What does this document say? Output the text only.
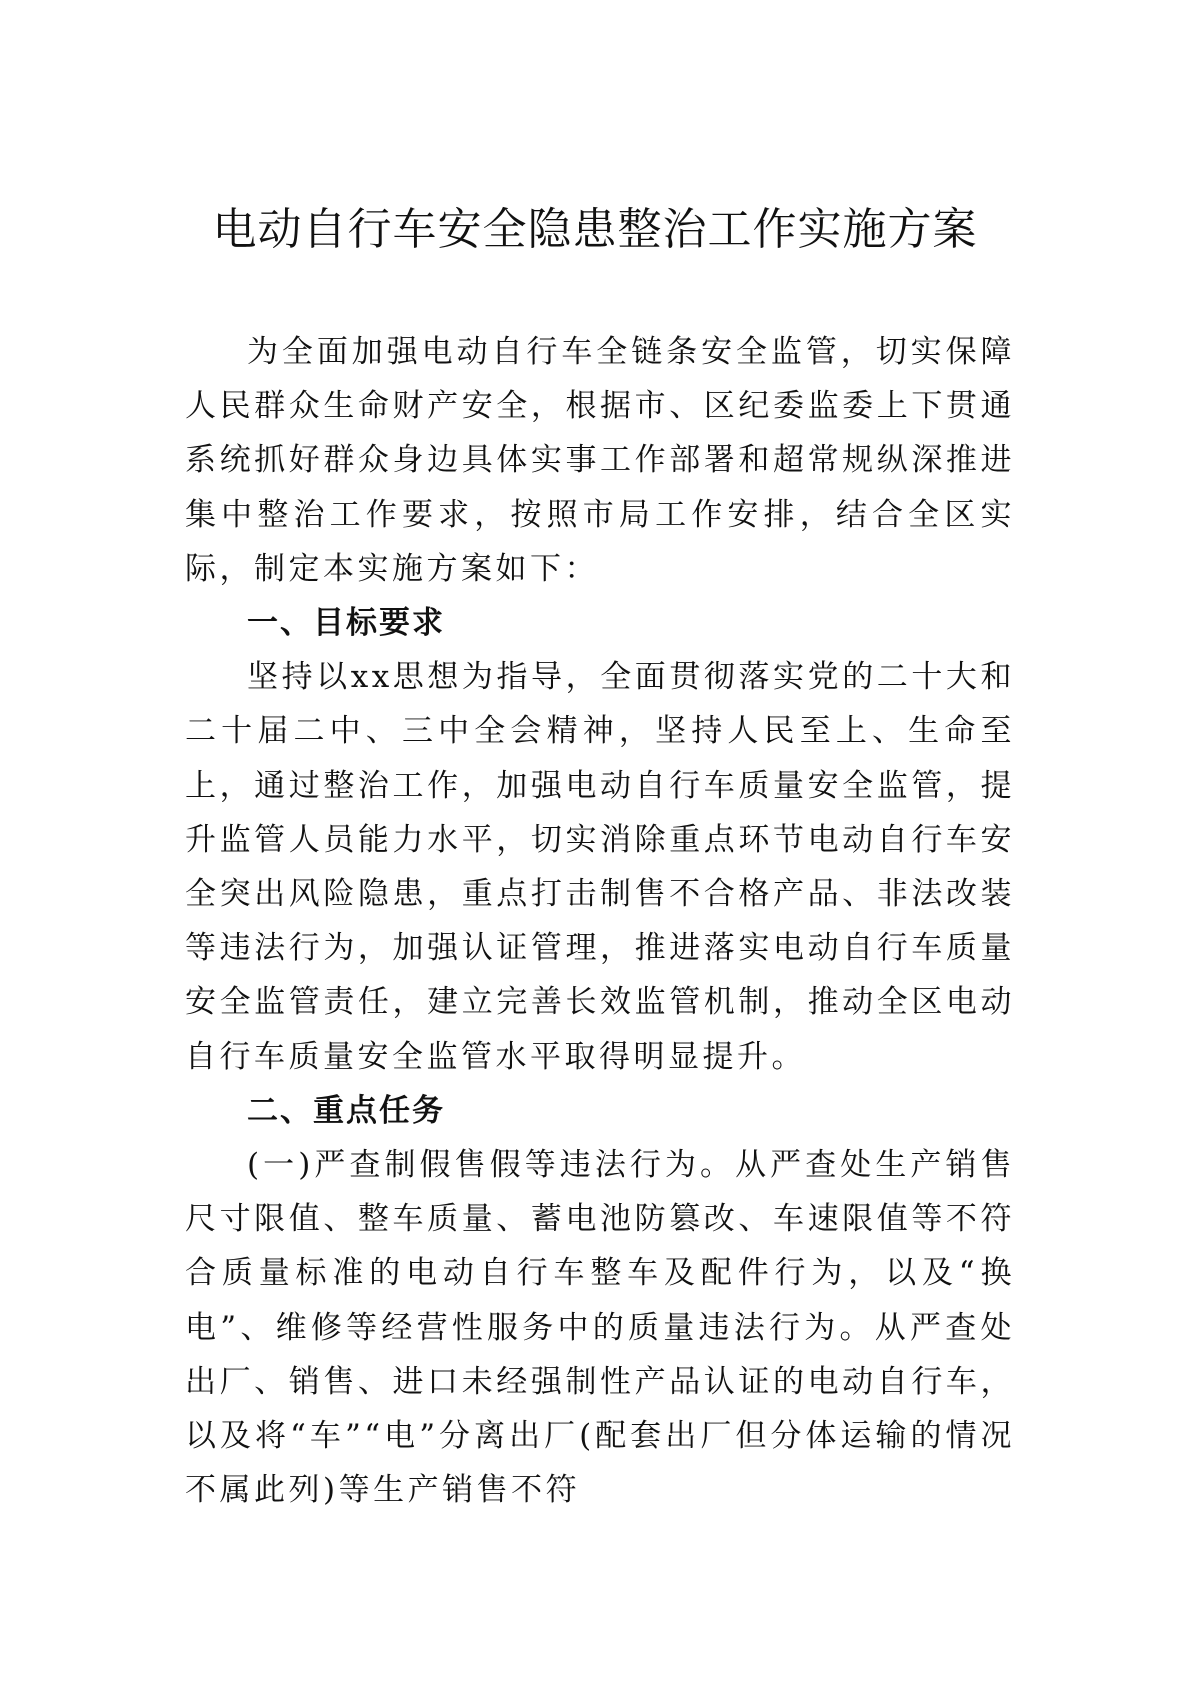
电动自行车安全隐患整治工作实施方案

为全面加强电动自行车全链条安全监管，切实保障人民群众生命财产安全，根据市、区纪委监委上下贯通系统抓好群众身边具体实事工作部署和超常规纵深推进集中整治工作要求，按照市局工作安排，结合全区实际，制定本实施方案如下：

一、目标要求

坚持以xx思想为指导，全面贯彻落实党的二十大和二十届二中、三中全会精神，坚持人民至上、生命至上，通过整治工作，加强电动自行车质量安全监管，提升监管人员能力水平，切实消除重点环节电动自行车安全突出风险隐患，重点打击制售不合格产品、非法改装等违法行为，加强认证管理，推进落实电动自行车质量安全监管责任，建立完善长效监管机制，推动全区电动自行车质量安全监管水平取得明显提升。

二、重点任务

(一)严查制假售假等违法行为。从严查处生产销售尺寸限值、整车质量、蓄电池防篡改、车速限值等不符合质量标准的电动自行车整车及配件行为，以及“换电”、维修等经营性服务中的质量违法行为。从严查处出厂、销售、进口未经强制性产品认证的电动自行车，以及将“车”“电”分离出厂(配套出厂但分体运输的情况不属此列)等生产销售不符
